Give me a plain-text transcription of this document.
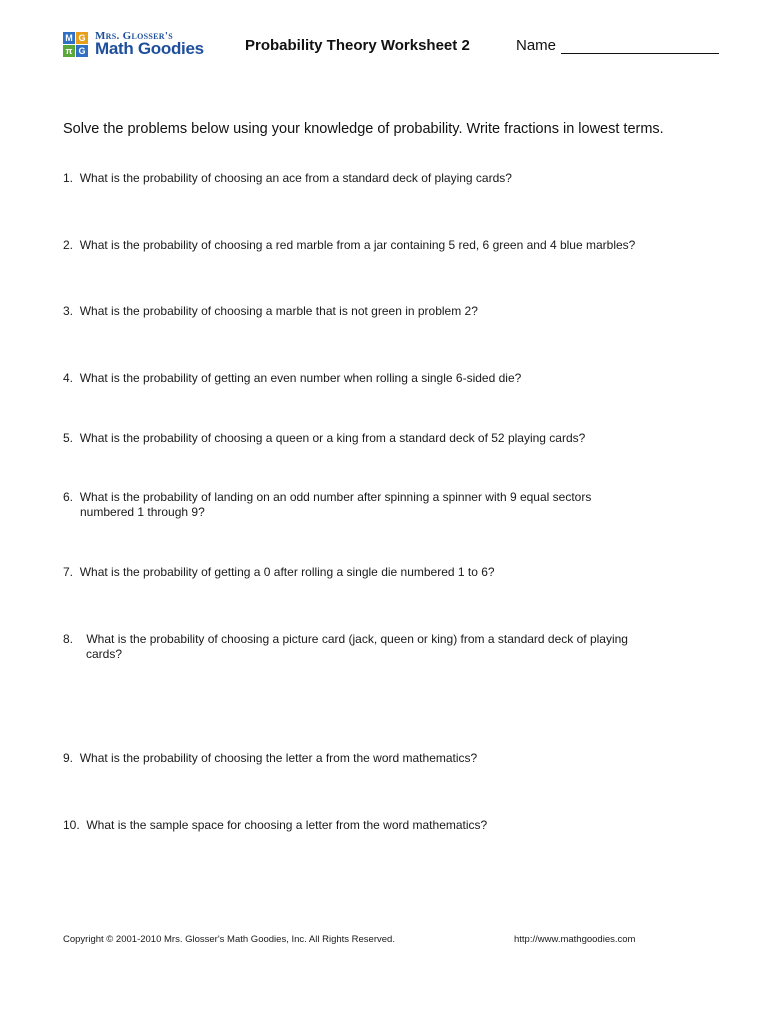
M G
π G
Mrs. Glosser's
Math Goodies	Probability Theory Worksheet 2	Name
Solve the problems below using your knowledge of probability. Write fractions in lowest terms.
1. What is the probability of choosing an ace from a standard deck of playing cards?
2. What is the probability of choosing a red marble from a jar containing 5 red, 6 green and 4 blue marbles?
3. What is the probability of choosing a marble that is not green in problem 2?
4. What is the probability of getting an even number when rolling a single 6-sided die?
5. What is the probability of choosing a queen or a king from a standard deck of 52 playing cards?
6. What is the probability of landing on an odd number after spinning a spinner with 9 equal sectors
numbered 1 through 9?
7. What is the probability of getting a 0 after rolling a single die numbered 1 to 6?
8. What is the probability of choosing a picture card (jack, queen or king) from a standard deck of playing
cards?
9. What is the probability of choosing the letter a from the word mathematics?
10. What is the sample space for choosing a letter from the word mathematics?
Copyright © 2001-2010 Mrs. Glosser's Math Goodies, Inc. All Rights Reserved.	http://www.mathgoodies.com
